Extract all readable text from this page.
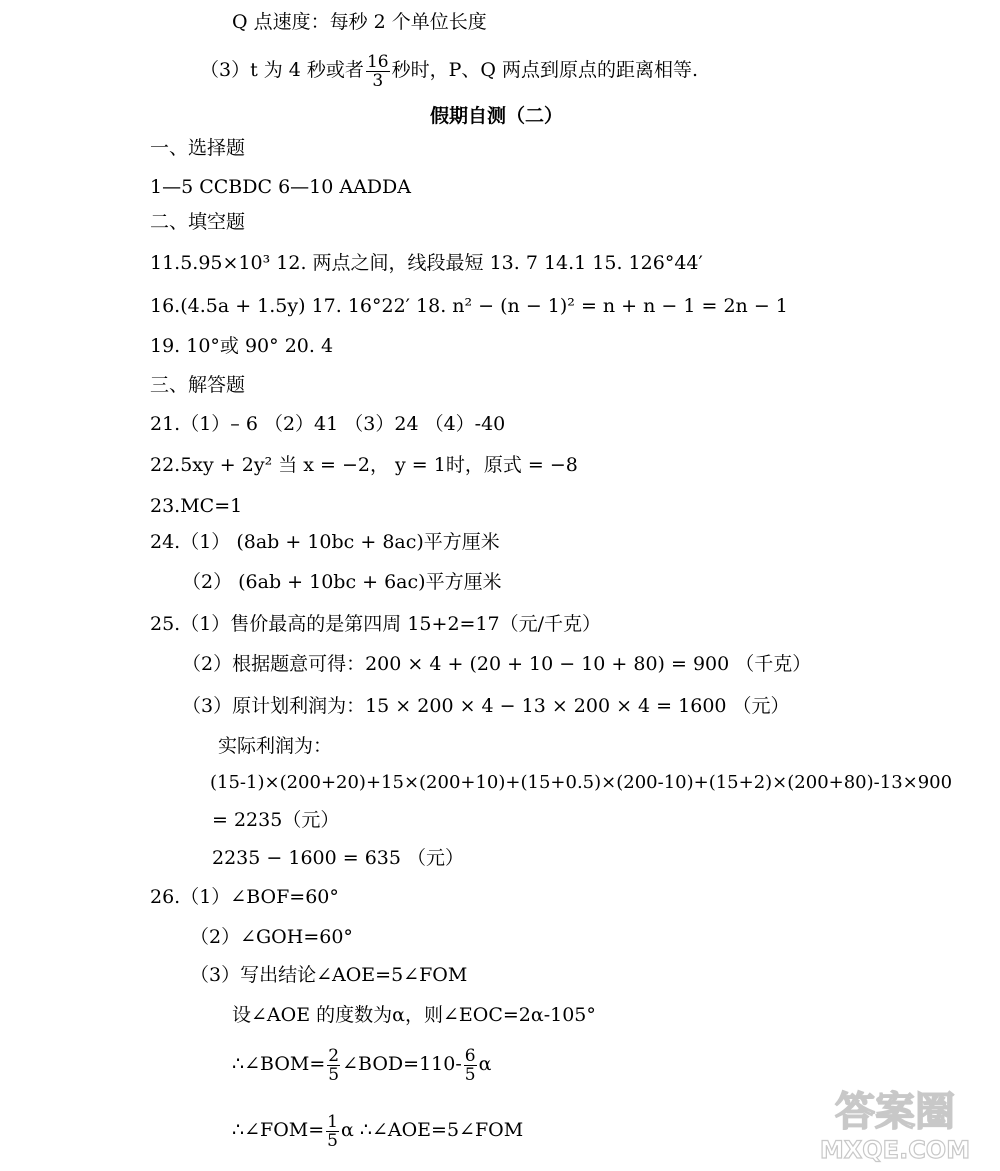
Q 点速度：每秒 2 个单位长度
（3）t 为 4 秒或者 $\frac{16}{3}$ 秒时，P、Q 两点到原点的距离相等.
假期自测（二）
一、选择题
1—5 CCBDC 6—10 AADDA
二、填空题
11.5.95×10³ 12. 两点之间，线段最短 13. 7 14.1 15. 126°44′
16.(4.5a + 1.5y) 17. 16°22′ 18. n² − (n − 1)² = n + n − 1 = 2n − 1
19. 10°或 90° 20. 4
三、解答题
21.（1）– 6 （2）41 （3）24 （4）-40
22.5xy + 2y² 当 x = −2， y = 1时，原式 = −8
23.MC=1
24.（1） (8ab + 10bc + 8ac)平方厘米
（2） (6ab + 10bc + 6ac)平方厘米
25.（1）售价最高的是第四周 15+2=17（元/千克）
（2）根据题意可得：200 × 4 + (20 + 10 − 10 + 80) = 900 （千克）
（3）原计划利润为：15 × 200 × 4 − 13 × 200 × 4 = 1600 （元）
实际利润为：
(15-1)×(200+20)+15×(200+10)+(15+0.5)×(200-10)+(15+2)×(200+80)-13×900
= 2235（元）
2235 − 1600 = 635 （元）
26.（1）∠BOF=60°
（2）∠GOH=60°
（3）写出结论∠AOE=5∠FOM
设∠AOE 的度数为α，则∠EOC=2α-105°
∴∠BOM= $\frac{2}{5}$ ∠BOD=110- $\frac{6}{5}$ α
∴∠FOM= $\frac{1}{5}$ α ∴∠AOE=5∠FOM	答案圈
MXQE.COM
